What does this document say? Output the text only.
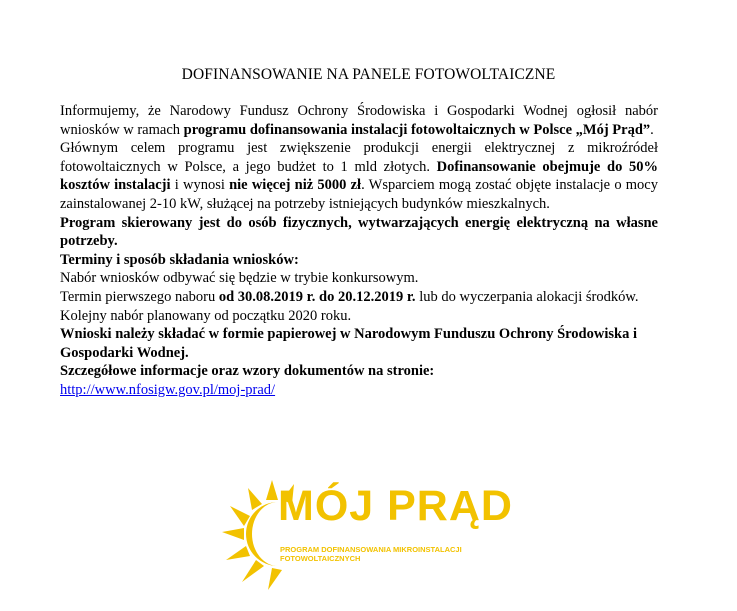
DOFINANSOWANIE NA PANELE FOTOWOLTAICZNE

Informujemy, że Narodowy Fundusz Ochrony Środowiska i Gospodarki Wodnej ogłosił nabór wniosków w ramach programu dofinansowania instalacji fotowoltaicznych w Polsce „Mój Prąd”.

Głównym celem programu jest zwiększenie produkcji energii elektrycznej z mikroźródeł fotowoltaicznych w Polsce, a jego budżet to 1 mld złotych. Dofinansowanie obejmuje do 50% kosztów instalacji i wynosi nie więcej niż 5000 zł. Wsparciem mogą zostać objęte instalacje o mocy zainstalowanej 2-10 kW, służącej na potrzeby istniejących budynków mieszkalnych.

Program skierowany jest do osób fizycznych, wytwarzających energię elektryczną na własne potrzeby.

Terminy i sposób składania wniosków:

Nabór wniosków odbywać się będzie w trybie konkursowym.

Termin pierwszego naboru od 30.08.2019 r. do 20.12.2019 r. lub do wyczerpania alokacji środków.

Kolejny nabór planowany od początku 2020 roku.

Wnioski należy składać w formie papierowej w Narodowym Funduszu Ochrony Środowiska i Gospodarki Wodnej.

Szczegółowe informacje oraz wzory dokumentów na stronie:

http://www.nfosigw.gov.pl/moj-prad/

MÓJ PRĄD
PROGRAM DOFINANSOWANIA MIKROINSTALACJI
FOTOWOLTAICZNYCH
